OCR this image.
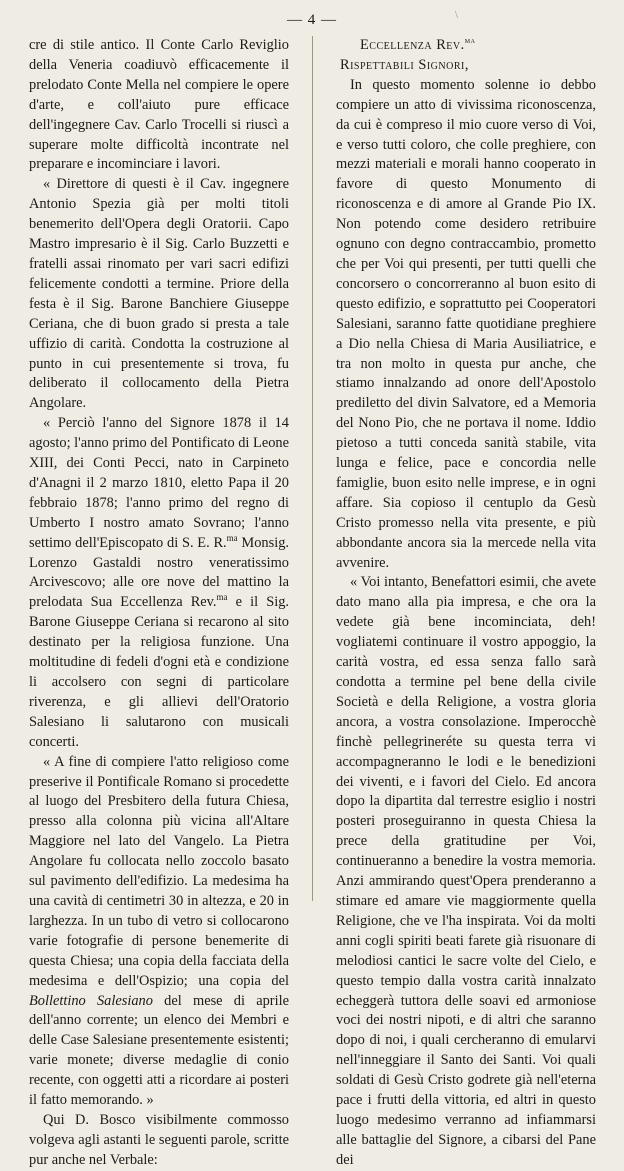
— 4 —	\

cre di stile antico. Il Conte Carlo Reviglio della Veneria coadiuvò efficacemente il prelodato Conte Mella nel compiere le opere d'arte, e coll'aiuto pure efficace dell'ingegnere Cav. Carlo Trocelli si riuscì a superare molte difficoltà incontrate nel preparare e incominciare i lavori.

« Direttore di questi è il Cav. ingegnere Antonio Spezia già per molti titoli benemerito dell'Opera degli Oratorii. Capo Mastro impresario è il Sig. Carlo Buzzetti e fratelli assai rinomato per vari sacri edifizi felicemente condotti a termine. Priore della festa è il Sig. Barone Banchiere Giuseppe Ceriana, che di buon grado si presta a tale uffizio di carità. Condotta la costruzione al punto in cui presentemente si trova, fu deliberato il collocamento della Pietra Angolare.

« Perciò l'anno del Signore 1878 il 14 agosto; l'anno primo del Pontificato di Leone XIII, dei Conti Pecci, nato in Carpineto d'Anagni il 2 marzo 1810, eletto Papa il 20 febbraio 1878; l'anno primo del regno di Umberto I nostro amato Sovrano; l'anno settimo dell'Episcopato di S. E. R.$^{ma}$ Monsig. Lorenzo Gastaldi nostro veneratissimo Arcivescovo; alle ore nove del mattino la prelodata Sua Eccellenza Rev.$^{ma}$ e il Sig. Barone Giuseppe Ceriana si recarono al sito destinato per la religiosa funzione. Una moltitudine di fedeli d'ogni età e condizione li accolsero con segni di particolare riverenza, e gli allievi dell'Oratorio Salesiano li salutarono con musicali concerti.

« A fine di compiere l'atto religioso come preserive il Pontificale Romano si procedette al luogo del Presbitero della futura Chiesa, presso alla colonna più vicina all'Altare Maggiore nel lato del Vangelo. La Pietra Angolare fu collocata nello zoccolo basato sul pavimento dell'edifizio. La medesima ha una cavità di centimetri 30 in altezza, e 20 in larghezza. In un tubo di vetro si collocarono varie fotografie di persone benemerite di questa Chiesa; una copia della facciata della medesima e dell'Ospizio; una copia del Bollettino Salesiano del mese di aprile dell'anno corrente; un elenco dei Membri e delle Case Salesiane presentemente esistenti; varie monete; diverse medaglie di conio recente, con oggetti atti a ricordare ai posteri il fatto memorando. »

Qui D. Bosco visibilmente commosso volgeva agli astanti le seguenti parole, scritte pur anche nel Verbale:

Eccellenza Rev.$^{ma}$

Rispettabili Signori,

In questo momento solenne io debbo compiere un atto di vivissima riconoscenza, da cui è compreso il mio cuore verso di Voi, e verso tutti coloro, che colle preghiere, con mezzi materiali e morali hanno cooperato in favore di questo Monumento di riconoscenza e di amore al Grande Pio IX. Non potendo come desidero retribuire ognuno con degno contraccambio, prometto che per Voi qui presenti, per tutti quelli che concorsero o concorreranno al buon esito di questo edifizio, e soprattutto pei Cooperatori Salesiani, saranno fatte quotidiane preghiere a Dio nella Chiesa di Maria Ausiliatrice, e tra non molto in questa pur anche, che stiamo innalzando ad onore dell'Apostolo prediletto del divin Salvatore, ed a Memoria del Nono Pio, che ne portava il nome. Iddio pietoso a tutti conceda sanità stabile, vita lunga e felice, pace e concordia nelle famiglie, buon esito nelle imprese, e in ogni affare. Sia copioso il centuplo da Gesù Cristo promesso nella vita presente, e più abbondante ancora sia la mercede nella vita avvenire.

« Voi intanto, Benefattori esimii, che avete dato mano alla pia impresa, e che ora la vedete già bene incominciata, deh! vogliatemi continuare il vostro appoggio, la carità vostra, ed essa senza fallo sarà condotta a termine pel bene della civile Società e della Religione, a vostra gloria ancora, a vostra consolazione. Imperocchè finchè pellegrineréte su questa terra vi accompagneranno le lodi e le benedizioni dei viventi, e i favori del Cielo. Ed ancora dopo la dipartita dal terrestre esiglio i nostri posteri proseguiranno in questa Chiesa la prece della gratitudine per Voi, continueranno a benedire la vostra memoria. Anzi ammirando quest'Opera prenderanno a stimare ed amare vie maggiormente quella Religione, che ve l'ha inspirata. Voi da molti anni cogli spiriti beati farete già risuonare di melodiosi cantici le sacre volte del Cielo, e questo tempio dalla vostra carità innalzato echeggerà tuttora delle soavi ed armoniose voci dei nostri nipoti, e di altri che saranno dopo di noi, i quali cercheranno di emularvi nell'inneggiare il Santo dei Santi. Voi quali soldati di Gesù Cristo godrete già nell'eterna pace i frutti della vittoria, ed altri in questo luogo medesimo verranno ad infiammarsi alle battaglie del Signore, a cibarsi del Pane dei
